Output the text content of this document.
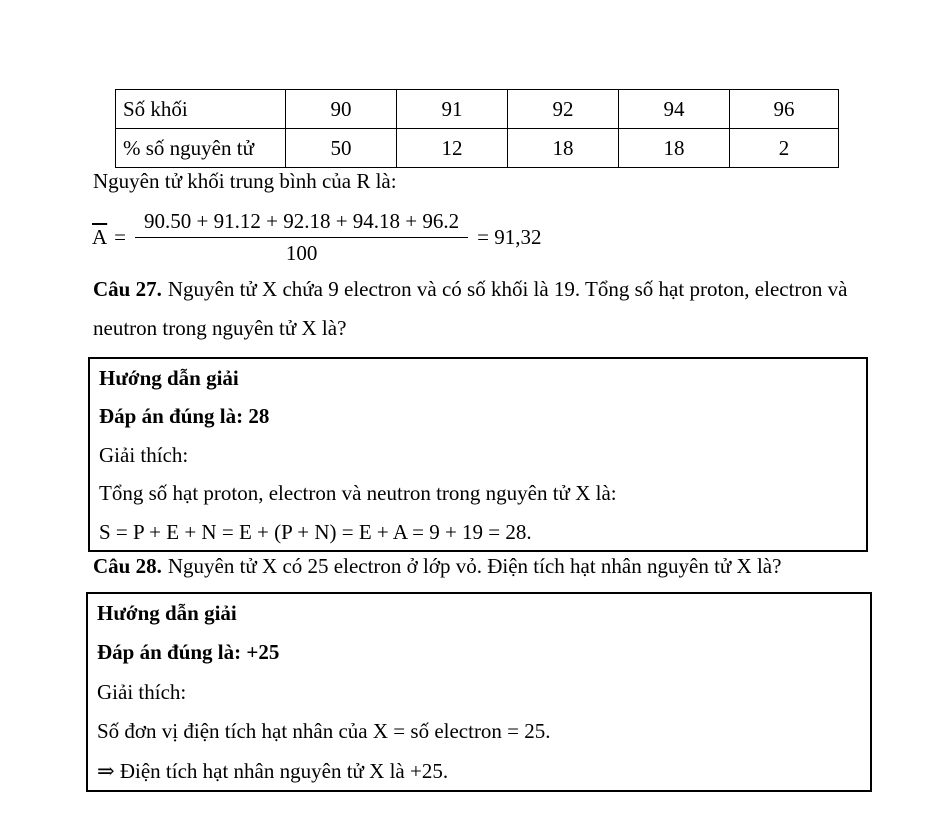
Số khối	90	91	92	94	96
% số nguyên tử	50	12	18	18	2
Nguyên tử khối trung bình của R là:
$\overline{A} = \frac{90.50 + 91.12 + 92.18 + 94.18 + 96.2}{100} = 91,32$
Câu 27. Nguyên tử X chứa 9 electron và có số khối là 19. Tổng số hạt proton, electron và neutron trong nguyên tử X là?
Hướng dẫn giải
Đáp án đúng là: 28
Giải thích:
Tổng số hạt proton, electron và neutron trong nguyên tử X là:
S = P + E + N = E + (P + N) = E + A = 9 + 19 = 28.
Câu 28. Nguyên tử X có 25 electron ở lớp vỏ. Điện tích hạt nhân nguyên tử X là?
Hướng dẫn giải
Đáp án đúng là: +25
Giải thích:
Số đơn vị điện tích hạt nhân của X = số electron = 25.
⇒ Điện tích hạt nhân nguyên tử X là +25.
